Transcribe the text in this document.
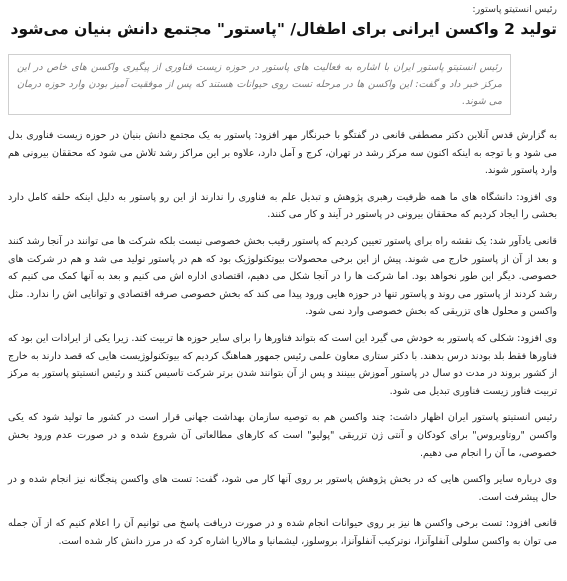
رئیس انستیتو پاستور:
تولید 2 واکسن ایرانی برای اطفال/ "پاستور" مجتمع دانش بنیان می‌شود
رئیس انستیتو پاستور ایران با اشاره به فعالیت های پاستور در حوزه زیست فناوری از پیگیری واکسن های خاص در این مرکز خبر داد و گفت: این واکسن ها در مرحله تست روی حیوانات هستند که پس از موفقیت آمیز بودن وارد حوزه درمان می شوند.

به گزارش قدس آنلاین دکتر مصطفی قانعی در گفتگو با خبرنگار مهر افزود: پاستور به یک مجتمع دانش بنیان در حوزه زیست فناوری بدل می شود و با توجه به اینکه اکنون سه مرکز رشد در تهران، کرج و آمل دارد، علاوه بر این مراکز رشد تلاش می شود که محققان بیرونی هم وارد پاستور شوند.

وی افزود: دانشگاه های ما همه ظرفیت رهبری پژوهش و تبدیل علم به فناوری را ندارند از این رو پاستور به دلیل اینکه حلقه کامل دارد بخشی را ایجاد کردیم که محققان بیرونی در پاستور در آیند و کار می کنند.

قانعی یادآور شد: یک نقشه راه برای پاستور تعیین کردیم که پاستور رقیب بخش خصوصی نیست بلکه شرکت ها می توانند در آنجا رشد کنند و بعد از آن از پاستور خارج می شوند. پیش از این برخی محصولات بیوتکنولوژیک بود که هم در پاستور تولید می شد و هم در شرکت های خصوصی. دیگر این طور نخواهد بود. اما شرکت ها را در آنجا شکل می دهیم، اقتصادی اداره اش می کنیم و بعد به آنها کمک می کنیم که رشد کردند از پاستور می روند و پاستور تنها در حوزه هایی ورود پیدا می کند که بخش خصوصی صرفه اقتصادی و توانایی اش را ندارد. مثل واکسن و محلول های تزریقی که بخش خصوصی وارد نمی شود.

وی افزود: شکلی که پاستور به خودش می گیرد این است که بتواند فناورها را برای سایر حوزه ها تربیت کند. زیرا یکی از ایرادات این بود که فناورها فقط بلد بودند درس بدهند. با دکتر ستاری معاون علمی رئیس جمهور هماهنگ کردیم که بیوتکنولوژیست هایی که قصد دارند به خارج از کشور بروند در مدت دو سال در پاستور آموزش ببینند و پس از آن بتوانند شدن برتر شرکت تاسیس کنند و رئیس انستیتو پاستور به مرکز تربیت فناور زیست فناوری تبدیل می شود.

رئیس انستیتو پاستور ایران اظهار داشت: چند واکسن هم به توصیه سازمان بهداشت جهانی قرار است در کشور ما تولید شود که یکی واکسن "روتاویروس" برای کودکان و آنتی ژن تزریقی "پولیو" است که کارهای مطالعاتی آن شروع شده و در صورت عدم ورود بخش خصوصی، ما آن را انجام می دهیم.

وی درباره سایر واکسن هایی که در بخش پژوهش پاستور بر روی آنها کار می شود، گفت: تست های واکسن پنجگانه نیز انجام شده و در حال پیشرفت است.

قانعی افزود: تست برخی واکسن ها نیز بر روی حیوانات انجام شده و در صورت دریافت پاسخ می توانیم آن را اعلام کنیم که از آن جمله می توان به واکسن سلولی آنفلوآنزا، نوترکیب آنفلوآنزا، بروسلوز، لیشمانیا و مالاریا اشاره کرد که در مرز دانش کار شده است.
